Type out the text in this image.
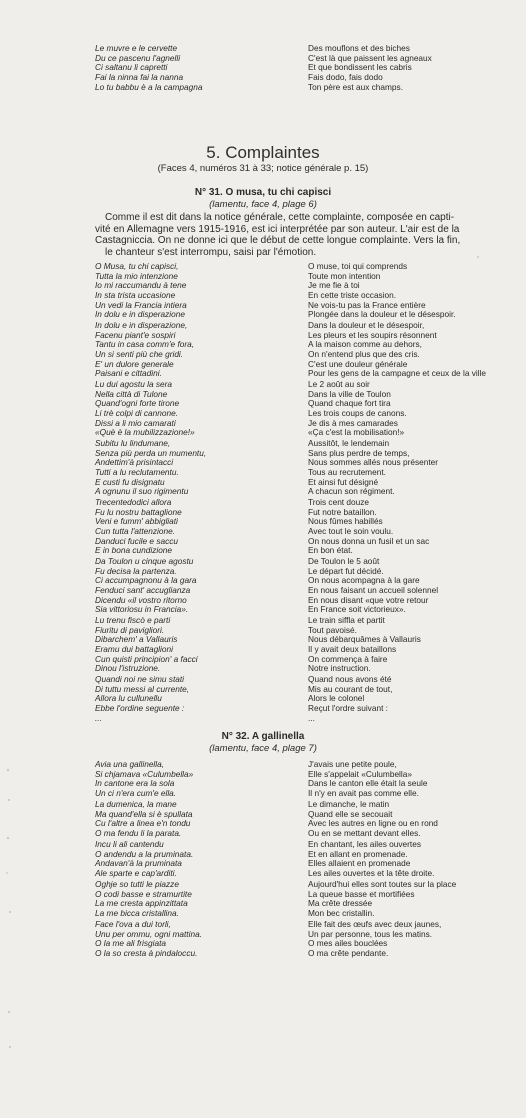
Le muvre e le cervette
Du ce pascenu l'agnelli
Ci saltanu li capretti
Fai la ninna fai la nanna
Lo tu babbu è a la campagna
Des mouflons et des biches
C'est là que paissent les agneaux
Et que bondissent les cabris
Fais dodo, fais dodo
Ton père est aux champs.
5. Complaintes
(Faces 4, numéros 31 à 33; notice générale p. 15)
N° 31. O musa, tu chi capisci
(lamentu, face 4, plage 6)
Comme il est dit dans la notice générale, cette complainte, composée en capti-
vité en Allemagne vers 1915-1916, est ici interprétée par son auteur. L'air est de la
Castagniccia. On ne donne ici que le début de cette longue complainte. Vers la fin,
le chanteur s'est interrompu, saisi par l'émotion.
O Musa, tu chi capisci,
Tutta la mio intenzione
Io mi raccumandu à tene
In sta trista uccasione
Un vedi la Francia intiera
In dolu e in disperazione
O muse, toi qui comprends
Toute mon intention
Je me fie à toi
En cette triste occasion.
Ne vois-tu pas la France entière
Plongée dans la douleur et le désespoir.
In dolu e in disperazione,
Facenu piant'e sospiri
Tantu in casa comm'e fora,
Un si senti più che gridi.
E' un dulore generale
Paisani e cittadini.
Dans la douleur et le désespoir,
Les pleurs et les soupirs résonnent
A la maison comme au dehors,
On n'entend plus que des cris.
C'est une douleur générale
Pour les gens de la campagne et ceux de la ville
Lu dui agostu la sera
Nella città di Tulone
Quand'ogni forte tirone
Li trè colpi di cannone.
Dissi a li mio camarati
«Què è la mubilizzazione!»
Le 2 août au soir
Dans la ville de Toulon
Quand chaque fort tira
Les trois coups de canons.
Je dis à mes camarades
«Ça c'est la mobilisation!»
Subitu lu lindumane,
Senza più perda un mumentu,
Andettim'à prisintacci
Tutti a lu reclutamentu.
E custi fu disignatu
A ognunu il suo rigimentu
Aussitôt, le lendemain
Sans plus perdre de temps,
Nous sommes allés nous présenter
Tous au recrutement.
Et ainsi fut désigné
A chacun son régiment.
Trecentedodici allora
Fu lu nostru battaglione
Veni e fumm' abbigliati
Cun tutta l'attenzione.
Danduci fucile e saccu
E in bona cundizione
Trois cent douze
Fut notre bataillon.
Nous fûmes habillés
Avec tout le soin voulu.
On nous donna un fusil et un sac
En bon état.
Da Toulon u cinque agostu
Fu decisa la partenza.
Ci accumpagnonu à la gara
Fenduci sant' accuglianza
Dicendu «il vostro ritorno
Sia vittoriosu in Francia».
De Toulon le 5 août
Le départ fut décidé.
On nous acompagna à la gare
En nous faisant un accueil solennel
En nous disant «que votre retour
En France soit victorieux».
Lu trenu fiscò e parti
Fiuritu di pavigliori.
Dibarchem' a Vallauris
Eramu dui battaglioni
Cun quisti principion' a facci
Dinou l'istruzione.
Le train siffla et partit
Tout pavoisé.
Nous débarquâmes à Vallauris
Il y avait deux bataillons
On commença à faire
Notre instruction.
Quandi noi ne simu stati
Di tuttu messi al currente,
Allora lu cullunellu
Ebbe l'ordine seguente :
...
Quand nous avons été
Mis au courant de tout,
Alors le colonel
Reçut l'ordre suivant :
...
N° 32. A gallinella
(lamentu, face 4, plage 7)
Avia una gallinella,
Si chjamava «Culumbella»
In cantone era la sola
Un ci n'era cum'e ella.
J'avais une petite poule,
Elle s'appelait «Culumbella»
Dans le canton elle était la seule
Il n'y en avait pas comme elle.
La dumenica, la mane
Ma quand'ella si è spullata
Cu l'altre a linea e'n tondu
O ma fendu li la parata.
Le dimanche, le matin
Quand elle se secouait
Avec les autres en ligne ou en rond
Ou en se mettant devant elles.
Incu li ali cantendu
O andendu a la pruminata.
Andavan'à la pruminata
Ale sparte e cap'arditi.
En chantant, les ailes ouvertes
Et en allant en promenade.
Elles allaient en promenade
Les ailes ouvertes et la tête droite.
Oghje so tutti le piazze
O codi basse e stramurtite
La me cresta appinzittata
La me bicca cristallina.
Aujourd'hui elles sont toutes sur la place
La queue basse et mortifiées
Ma crête dressée
Mon bec cristallin.
Face l'ova a dui torli,
Unu per ommu, ogni mattina.
O la me ali frisgiata
O la so cresta à pindaloccu.
Elle fait des œufs avec deux jaunes,
Un par personne, tous les matins.
O mes ailes bouclées
O ma crête pendante.
